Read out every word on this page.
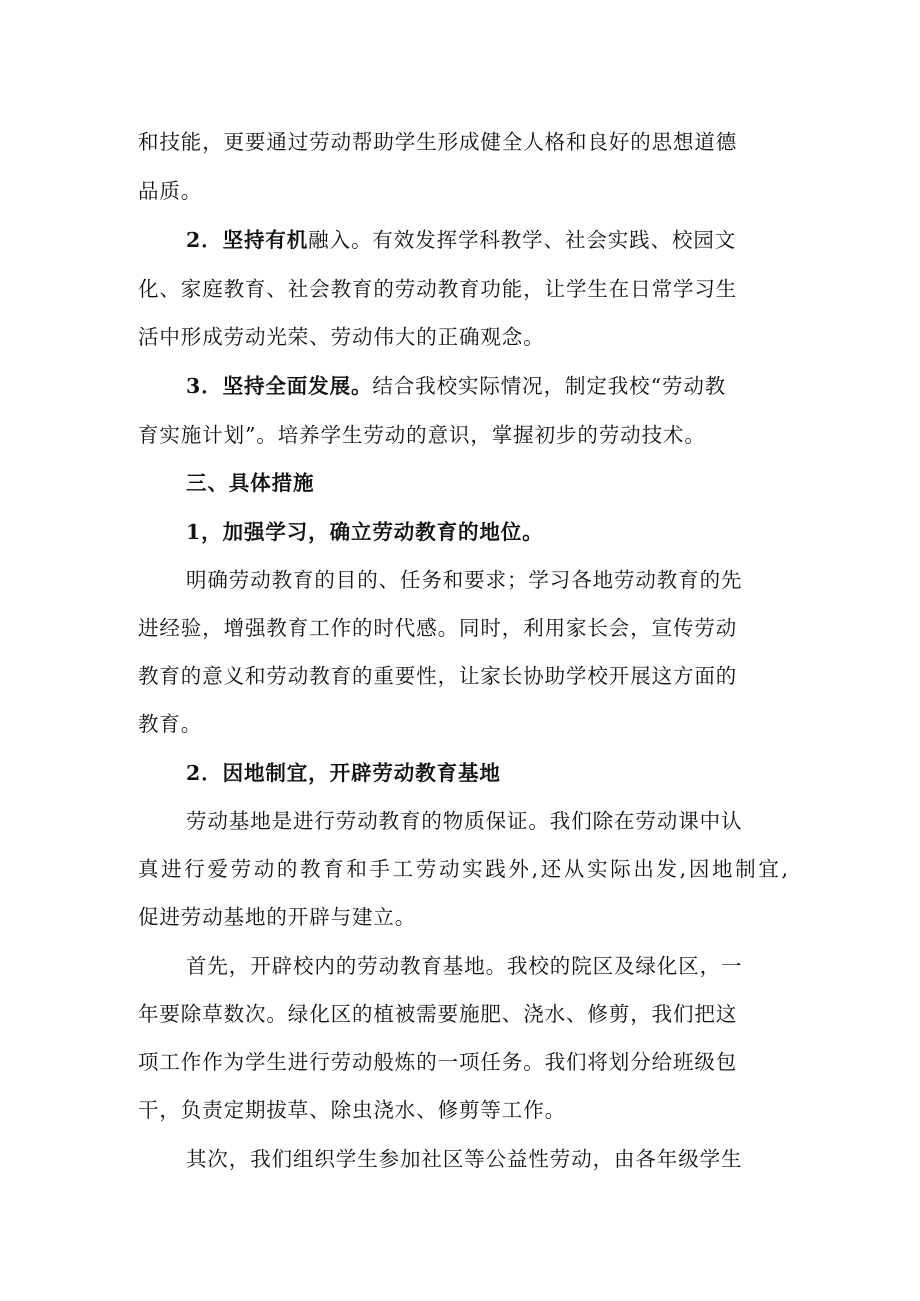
和技能，更要通过劳动帮助学生形成健全人格和良好的思想道德
品质。
2．坚持有机融入。有效发挥学科教学、社会实践、校园文
化、家庭教育、社会教育的劳动教育功能，让学生在日常学习生
活中形成劳动光荣、劳动伟大的正确观念。
3．坚持全面发展。结合我校实际情况，制定我校“劳动教
育实施计划”。培养学生劳动的意识，掌握初步的劳动技术。
三、具体措施
1，加强学习，确立劳动教育的地位。
明确劳动教育的目的、任务和要求；学习各地劳动教育的先
进经验，增强教育工作的时代感。同时，利用家长会，宣传劳动
教育的意义和劳动教育的重要性，让家长协助学校开展这方面的
教育。
2．因地制宜，开辟劳动教育基地
劳动基地是进行劳动教育的物质保证。我们除在劳动课中认
真进行爱劳动的教育和手工劳动实践外,还从实际出发,因地制宜,
促进劳动基地的开辟与建立。
首先，开辟校内的劳动教育基地。我校的院区及绿化区，一
年要除草数次。绿化区的植被需要施肥、浇水、修剪，我们把这
项工作作为学生进行劳动般炼的一项任务。我们将划分给班级包
干，负责定期拔草、除虫浇水、修剪等工作。
其次，我们组织学生参加社区等公益性劳动，由各年级学生
